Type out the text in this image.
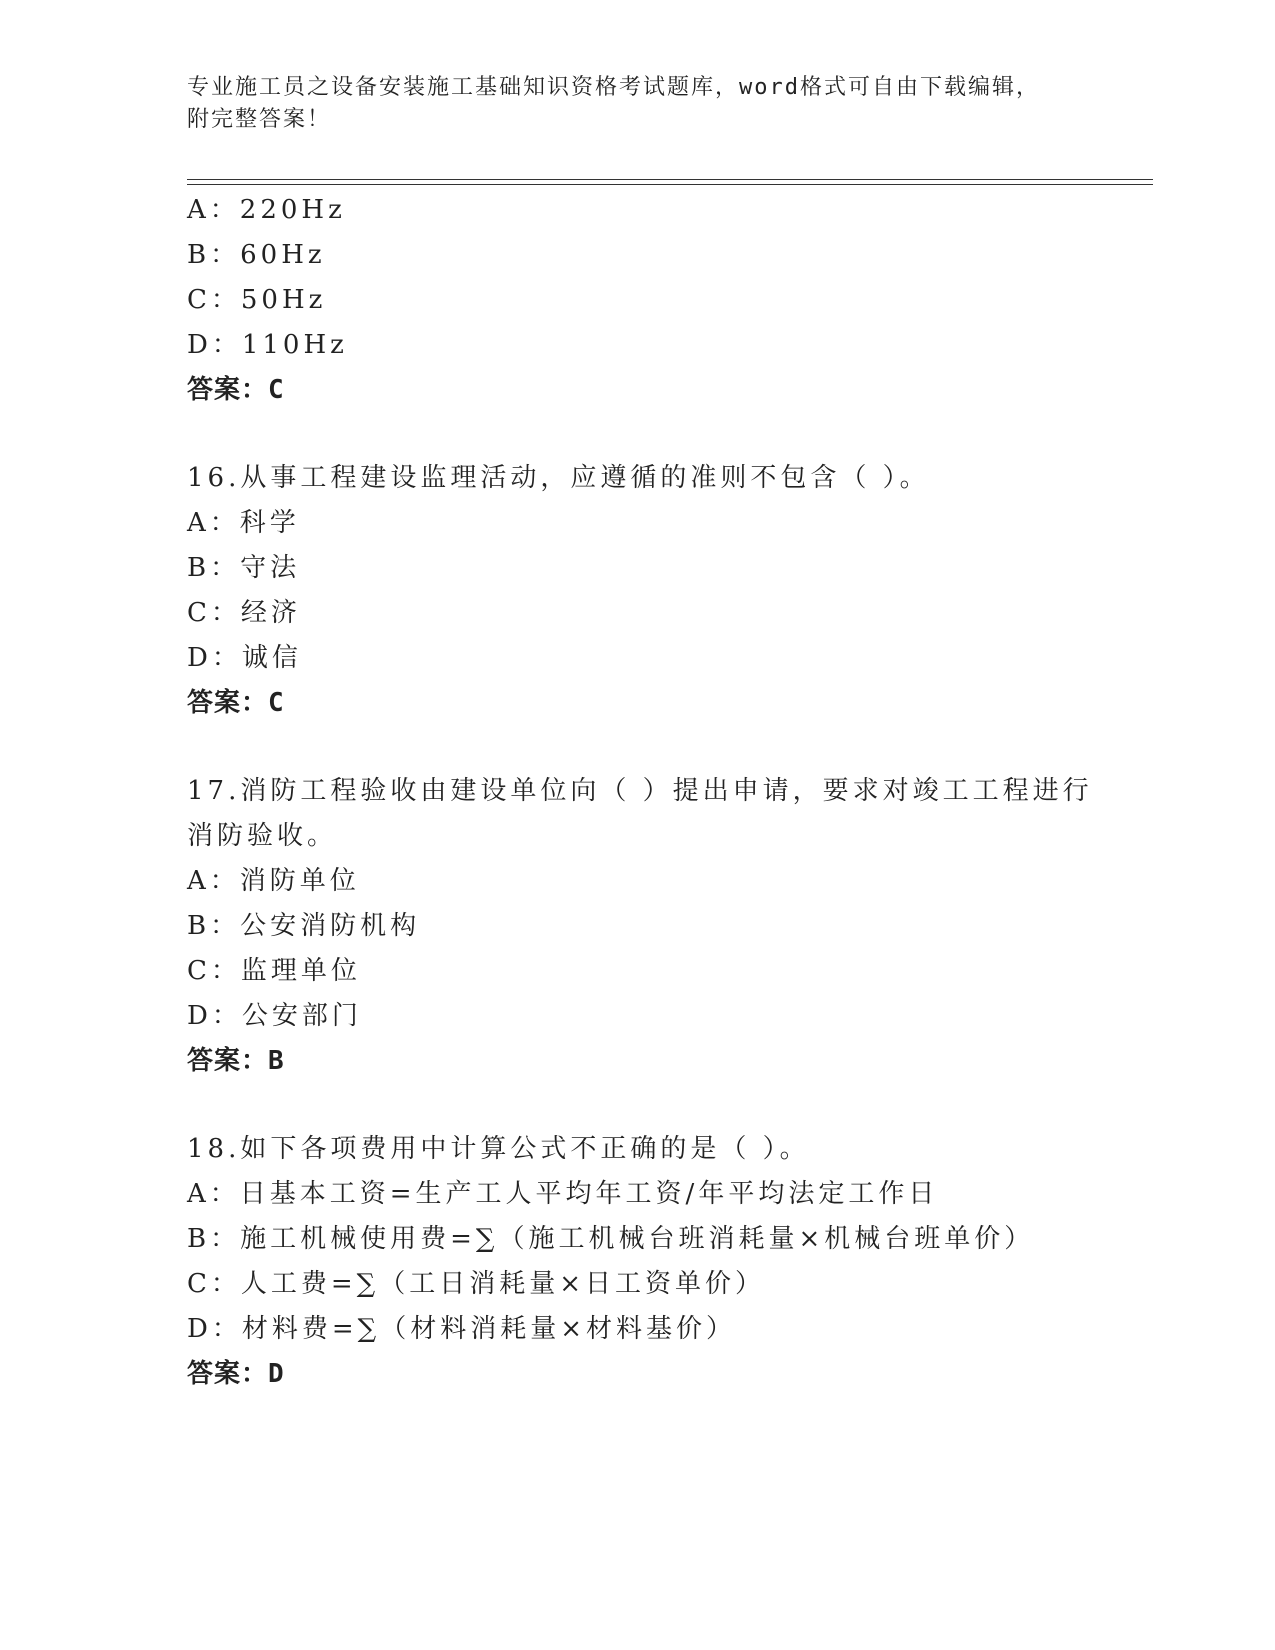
专业施工员之设备安装施工基础知识资格考试题库，word格式可自由下载编辑，
附完整答案！
A：220Hz
B：60Hz
C：50Hz
D：110Hz
答案：C
16.从事工程建设监理活动，应遵循的准则不包含（ ）。
A：科学
B：守法
C：经济
D：诚信
答案：C
17.消防工程验收由建设单位向（ ）提出申请，要求对竣工工程进行
消防验收。
A：消防单位
B：公安消防机构
C：监理单位
D：公安部门
答案：B
18.如下各项费用中计算公式不正确的是（ ）。
A：日基本工资=生产工人平均年工资/年平均法定工作日
B：施工机械使用费=∑（施工机械台班消耗量×机械台班单价）
C：人工费=∑（工日消耗量×日工资单价）
D：材料费=∑（材料消耗量×材料基价）
答案：D
